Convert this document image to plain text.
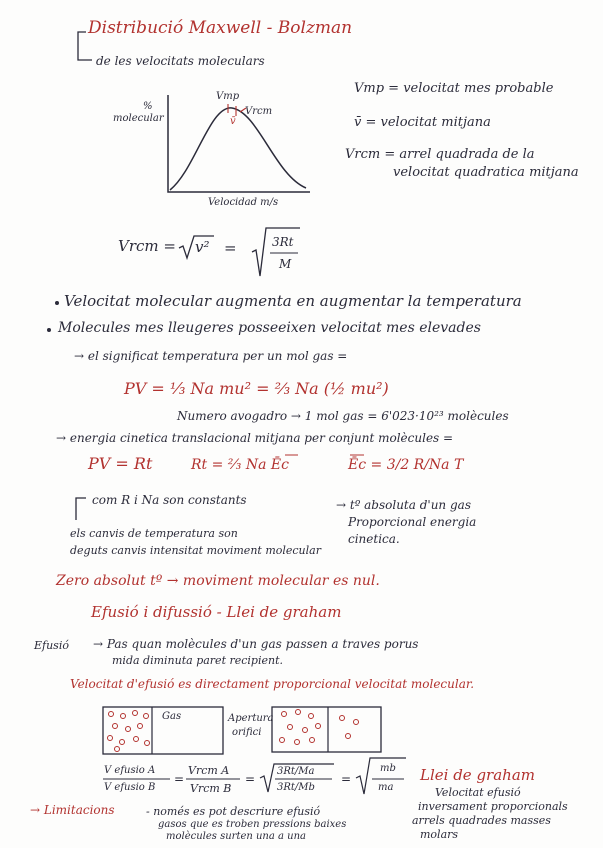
Distribució Maxwell - Bolzman
de les velocitats moleculars
%
molecular
Vmp
v̄
Vrcm
Velocidad m/s
Vmp = velocitat mes probable
v̄ = velocitat mitjana
Vrcm = arrel quadrada de la
velocitat quadratica mitjana
Vrcm = v² =	3Rt
M
Velocitat molecular augmenta en augmentar la temperatura
Molecules mes lleugeres posseeixen velocitat mes elevades
→ el significat temperatura per un mol gas =
PV = ⅓ Na mu² = ⅔ Na (½ mu²)
Numero avogadro → 1 mol gas = 6'023·10²³ molècules
→ energia cinetica translacional mitjana per conjunt molècules =
PV = Rt	Rt = ⅔ Na Ēc	Ēc = 3/2 R/Na T
com R i Na son constants	→ tº absoluta d'un gas
Proporcional energia
cinetica.
els canvis de temperatura son
deguts canvis intensitat moviment molecular
Zero absolut tº → moviment molecular es nul.
Efusió i difussió - Llei de graham
Efusió → Pas quan molècules d'un gas passen a traves porus
mida diminuta paret recipient.
Velocitat d'efusió es directament proporcional velocitat molecular.
Gas	Apertura
orifici
V efusio A
V efusio B
=
Vrcm A
Vrcm B
=
3Rt/Ma
3Rt/Mb
=
mb
ma
Llei de graham
Velocitat efusió
inversament proporcionals
arrels quadrades masses
molars
→ Limitacions	- només es pot descriure efusió
gasos que es troben pressions baixes
molècules surten una a una
